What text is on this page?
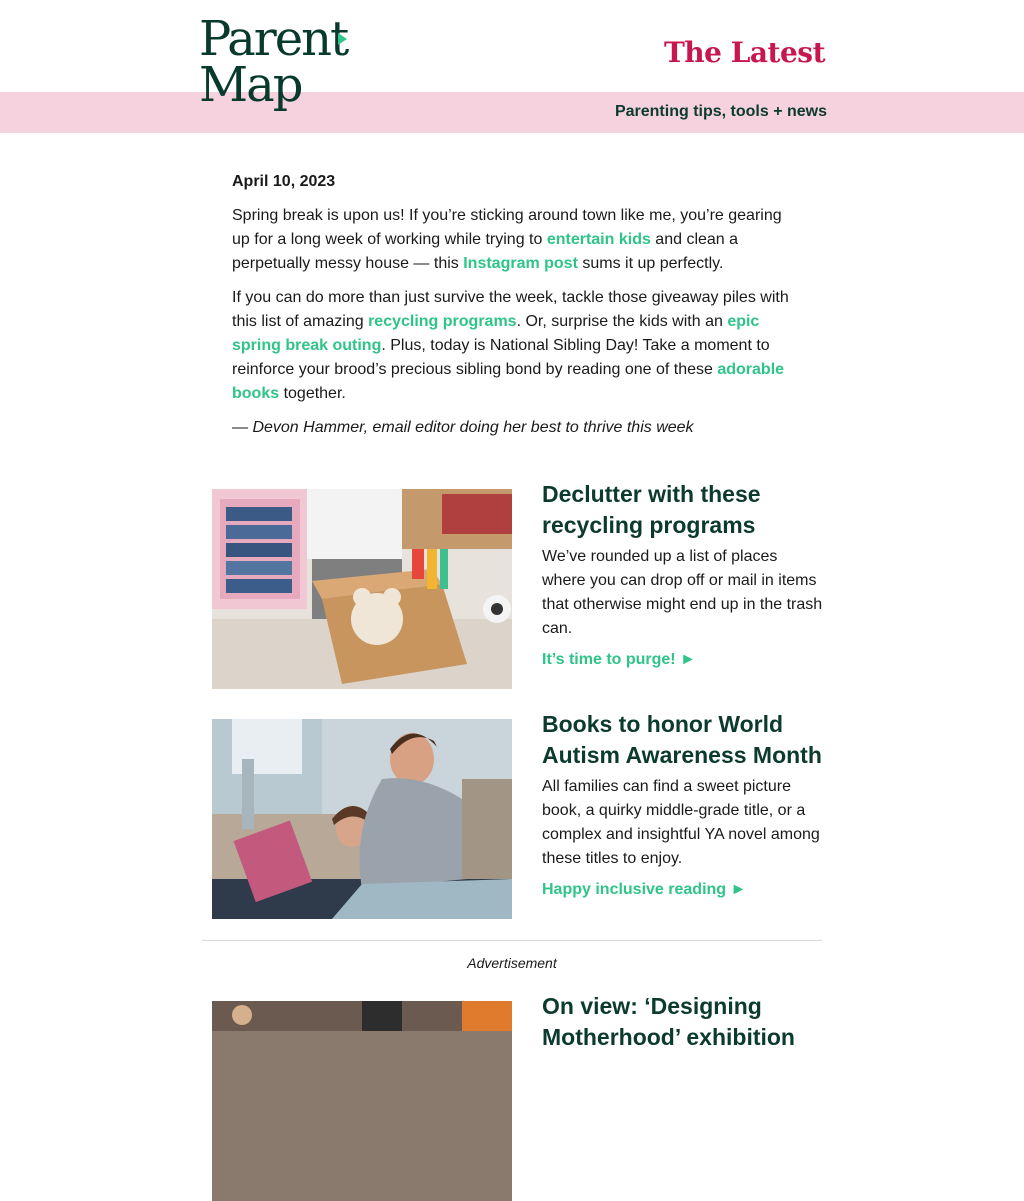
Parent
Map
The Latest
Parenting tips, tools + news

April 10, 2023

Spring break is upon us! If you’re sticking around town like me, you’re gearing up for a long week of working while trying to entertain kids and clean a perpetually messy house — this Instagram post sums it up perfectly.

If you can do more than just survive the week, tackle those giveaway piles with this list of amazing recycling programs. Or, surprise the kids with an epic spring break outing. Plus, today is National Sibling Day! Take a moment to reinforce your brood’s precious sibling bond by reading one of these adorable books together.

— Devon Hammer, email editor doing her best to thrive this week

Declutter with these recycling programs

We’ve rounded up a list of places where you can drop off or mail in items that otherwise might end up in the trash can.

It’s time to purge! ►
Books to honor World Autism Awareness Month

All families can find a sweet picture book, a quirky middle-grade title, or a complex and insightful YA novel among these titles to enjoy.

Happy inclusive reading ►
Advertisement
On view: ‘Designing Motherhood’ exhibition
